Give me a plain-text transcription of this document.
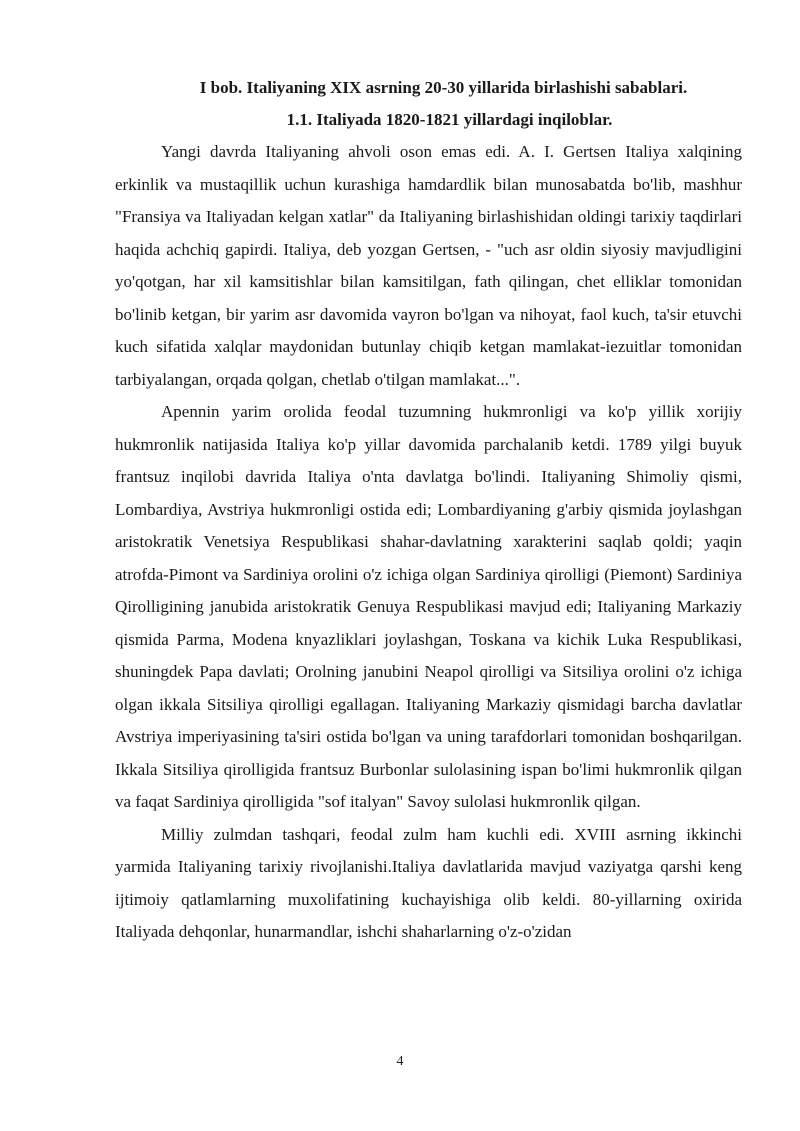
I bob. Italiyaning XIX asrning 20-30 yillarida birlashishi sabablari.

1.1. Italiyada 1820-1821 yillardagi inqiloblar.

Yangi davrda Italiyaning ahvoli oson emas edi. A. I. Gertsen Italiya xalqining erkinlik va mustaqillik uchun kurashiga hamdardlik bilan munosabatda bo'lib, mashhur "Fransiya va Italiyadan kelgan xatlar" da Italiyaning birlashishidan oldingi tarixiy taqdirlari haqida achchiq gapirdi. Italiya, deb yozgan Gertsen, - "uch asr oldin siyosiy mavjudligini yo'qotgan, har xil kamsitishlar bilan kamsitilgan, fath qilingan, chet elliklar tomonidan bo'linib ketgan, bir yarim asr davomida vayron bo'lgan va nihoyat, faol kuch, ta'sir etuvchi kuch sifatida xalqlar maydonidan butunlay chiqib ketgan mamlakat-iezuitlar tomonidan tarbiyalangan, orqada qolgan, chetlab o'tilgan mamlakat...".

Apennin yarim orolida feodal tuzumning hukmronligi va ko'p yillik xorijiy hukmronlik natijasida Italiya ko'p yillar davomida parchalanib ketdi. 1789 yilgi buyuk frantsuz inqilobi davrida Italiya o'nta davlatga bo'lindi. Italiyaning Shimoliy qismi, Lombardiya, Avstriya hukmronligi ostida edi; Lombardiyaning g'arbiy qismida joylashgan aristokratik Venetsiya Respublikasi shahar-davlatning xarakterini saqlab qoldi; yaqin atrofda-Pimont va Sardiniya orolini o'z ichiga olgan Sardiniya qirolligi (Piemont) Sardiniya Qirolligining janubida aristokratik Genuya Respublikasi mavjud edi; Italiyaning Markaziy qismida Parma, Modena knyazliklari joylashgan, Toskana va kichik Luka Respublikasi, shuningdek Papa davlati; Orolning janubini Neapol qirolligi va Sitsiliya orolini o'z ichiga olgan ikkala Sitsiliya qirolligi egallagan. Italiyaning Markaziy qismidagi barcha davlatlar Avstriya imperiyasining ta'siri ostida bo'lgan va uning tarafdorlari tomonidan boshqarilgan. Ikkala Sitsiliya qirolligida frantsuz Burbonlar sulolasining ispan bo'limi hukmronlik qilgan va faqat Sardiniya qirolligida "sof italyan" Savoy sulolasi hukmronlik qilgan.

Milliy zulmdan tashqari, feodal zulm ham kuchli edi. XVIII asrning ikkinchi yarmida Italiyaning tarixiy rivojlanishi.Italiya davlatlarida mavjud vaziyatga qarshi keng ijtimoiy qatlamlarning muxolifatining kuchayishiga olib keldi. 80-yillarning oxirida Italiyada dehqonlar, hunarmandlar, ishchi shaharlarning o'z-o'zidan

4
